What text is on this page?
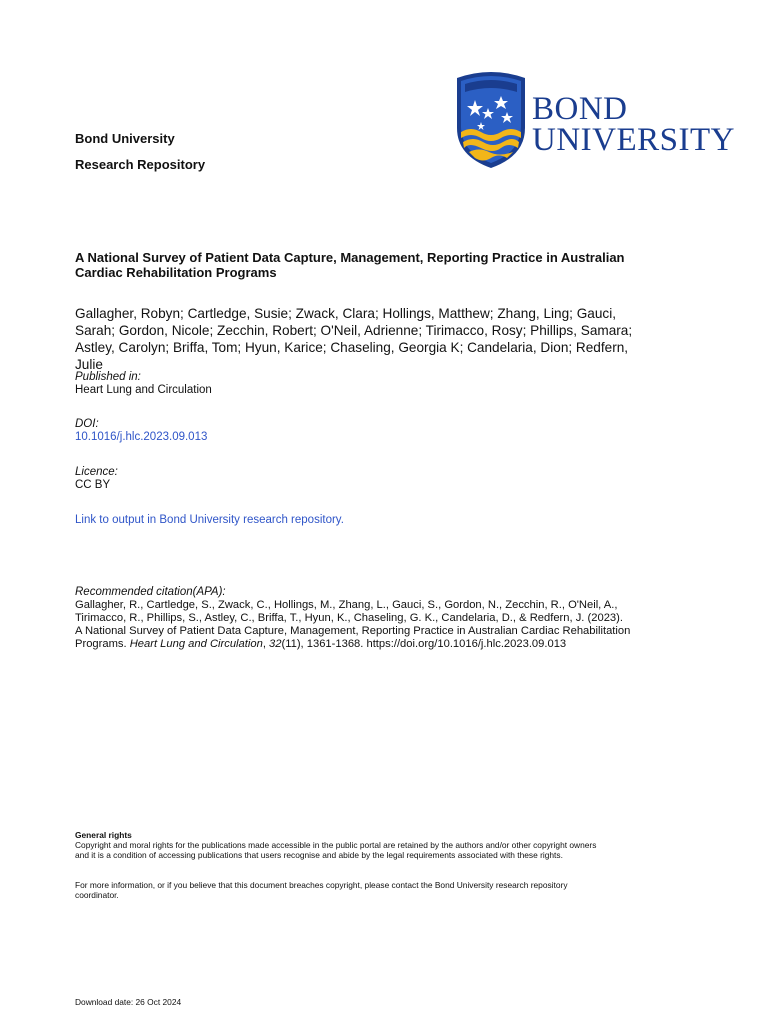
Bond University
Research Repository
BOND
UNIVERSITY
A National Survey of Patient Data Capture, Management, Reporting Practice in Australian
Cardiac Rehabilitation Programs
Gallagher, Robyn; Cartledge, Susie; Zwack, Clara; Hollings, Matthew; Zhang, Ling; Gauci,
Sarah; Gordon, Nicole; Zecchin, Robert; O'Neil, Adrienne; Tirimacco, Rosy; Phillips, Samara;
Astley, Carolyn; Briffa, Tom; Hyun, Karice; Chaseling, Georgia K; Candelaria, Dion; Redfern,
Julie
Published in:
Heart Lung and Circulation
DOI:
10.1016/j.hlc.2023.09.013
Licence:
CC BY
Link to output in Bond University research repository.
Recommended citation(APA):
Gallagher, R., Cartledge, S., Zwack, C., Hollings, M., Zhang, L., Gauci, S., Gordon, N., Zecchin, R., O'Neil, A.,
Tirimacco, R., Phillips, S., Astley, C., Briffa, T., Hyun, K., Chaseling, G. K., Candelaria, D., & Redfern, J. (2023).
A National Survey of Patient Data Capture, Management, Reporting Practice in Australian Cardiac Rehabilitation
Programs. Heart Lung and Circulation, 32(11), 1361-1368. https://doi.org/10.1016/j.hlc.2023.09.013
General rights
Copyright and moral rights for the publications made accessible in the public portal are retained by the authors and/or other copyright owners
and it is a condition of accessing publications that users recognise and abide by the legal requirements associated with these rights.
For more information, or if you believe that this document breaches copyright, please contact the Bond University research repository
coordinator.
Download date: 26 Oct 2024
